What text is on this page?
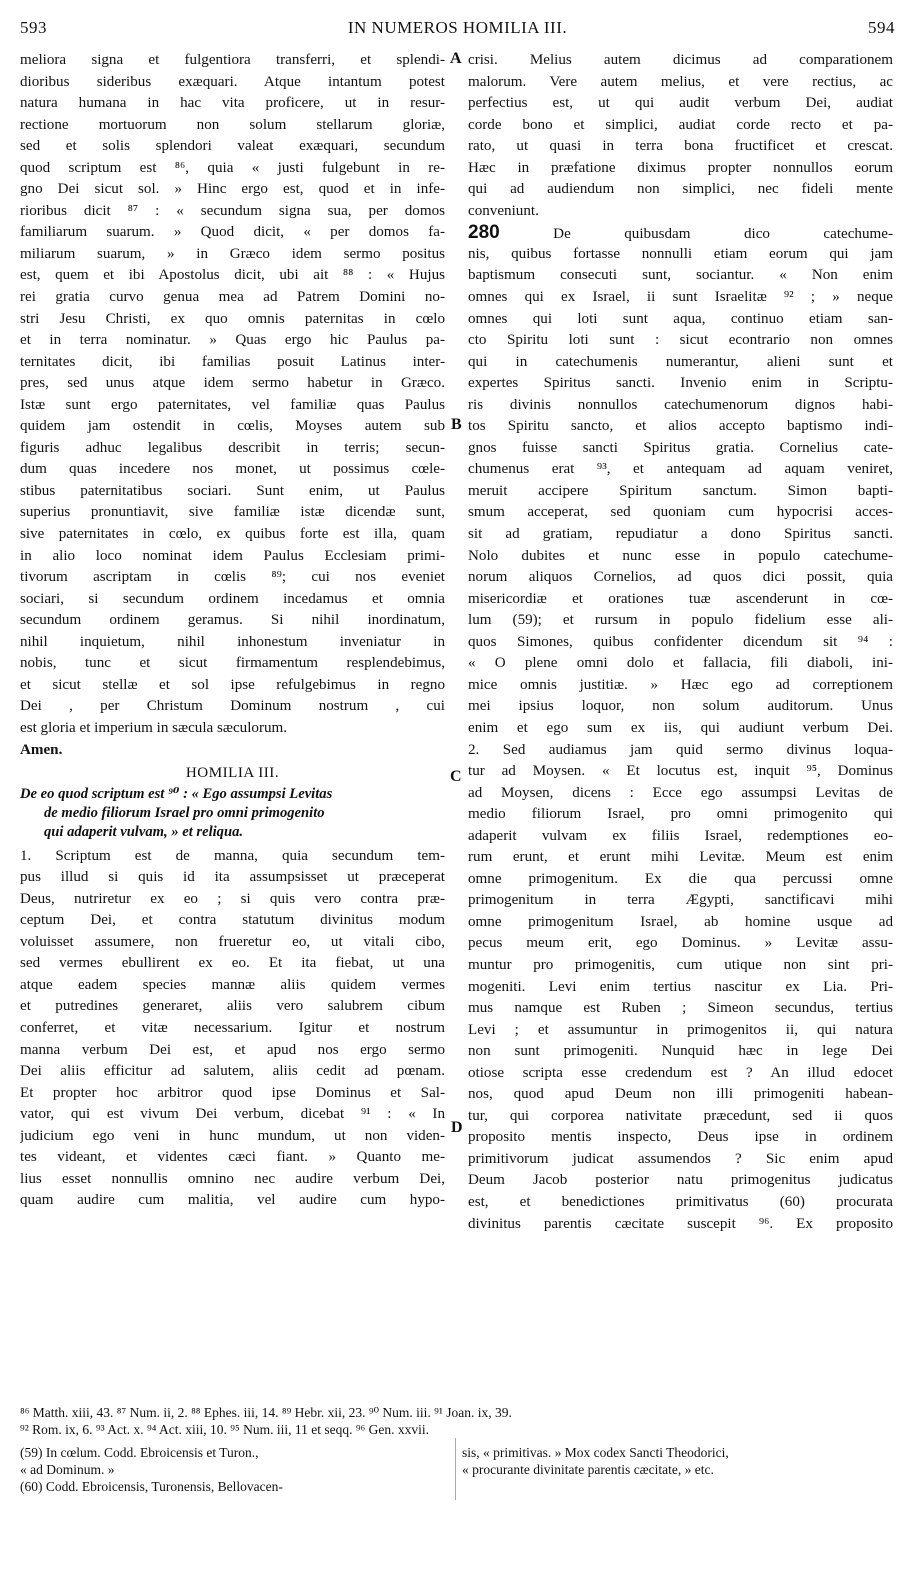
593	IN NUMEROS HOMILIA III.	594
meliora signa et fulgentiora transferri, et splendi-
dioribus sideribus exæquari. Atque intantum potest
natura humana in hac vita proficere, ut in resur-
rectione mortuorum non solum stellarum gloriæ,
sed et solis splendori valeat exæquari, secundum
quod scriptum est ⁸⁶, quia « justi fulgebunt in re-
gno Dei sicut sol. » Hinc ergo est, quod et in infe-
rioribus dicit ⁸⁷ : « secundum signa sua, per domos
familiarum suarum. » Quod dicit, « per domos fa-
miliarum suarum, » in Græco idem sermo positus
est, quem et ibi Apostolus dicit, ubi ait ⁸⁸ : « Hujus
rei gratia curvo genua mea ad Patrem Domini no-
stri Jesu Christi, ex quo omnis paternitas in cœlo
et in terra nominatur. » Quas ergo hic Paulus pa-
ternitates dicit, ibi familias posuit Latinus inter-
pres, sed unus atque idem sermo habetur in Græco.
Istæ sunt ergo paternitates, vel familiæ quas Paulus
quidem jam ostendit in cœlis, Moyses autem sub
figuris adhuc legalibus describit in terris; secun-
dum quas incedere nos monet, ut possimus cœle-
stibus paternitatibus sociari. Sunt enim, ut Paulus
superius pronuntiavit, sive familiæ istæ dicendæ sunt,
sive paternitates in cœlo, ex quibus forte est illa, quam
in alio loco nominat idem Paulus Ecclesiam primi-
tivorum ascriptam in cœlis ⁸⁹; cui nos eveniet
sociari, si secundum ordinem incedamus et omnia
secundum ordinem geramus. Si nihil inordinatum,
nihil inquietum, nihil inhonestum inveniatur in
nobis, tunc et sicut firmamentum resplendebimus,
et sicut stellæ et sol ipse refulgebimus in regno
Dei , per Christum Dominum nostrum , cui
est gloria et imperium in sæcula sæculorum.
Amen.
HOMILIA III.
De eo quod scriptum est ⁹⁰ : « Ego assumpsi Levitas
de medio filiorum Israel pro omni primogenito
qui adaperit vulvam, » et reliqua.
1. Scriptum est de manna, quia secundum tem-
pus illud si quis id ita assumpsisset ut præceperat
Deus, nutriretur ex eo ; si quis vero contra præ-
ceptum Dei, et contra statutum divinitus modum
voluisset assumere, non frueretur eo, ut vitali cibo,
sed vermes ebullirent ex eo. Et ita fiebat, ut una
atque eadem species mannæ aliis quidem vermes
et putredines generaret, aliis vero salubrem cibum
conferret, et vitæ necessarium. Igitur et nostrum
manna verbum Dei est, et apud nos ergo sermo
Dei aliis efficitur ad salutem, aliis cedit ad pœnam.
Et propter hoc arbitror quod ipse Dominus et Sal-
vator, qui est vivum Dei verbum, dicebat ⁹¹ : « In
judicium ego veni in hunc mundum, ut non viden-
tes videant, et videntes cæci fiant. » Quanto me-
lius esset nonnullis omnino nec audire verbum Dei,
quam audire cum malitia, vel audire cum hypo-
crisi. Melius autem dicimus ad comparationem
malorum. Vere autem melius, et vere rectius, ac
perfectius est, ut qui audit verbum Dei, audiat
corde bono et simplici, audiat corde recto et pa-
rato, ut quasi in terra bona fructificet et crescat.
Hæc in præfatione diximus propter nonnullos eorum
qui ad audiendum non simplici, nec fideli mente
conveniunt.
280 De quibusdam dico catechume-
nis, quibus fortasse nonnulli etiam eorum qui jam
baptismum consecuti sunt, sociantur. « Non enim
omnes qui ex Israel, ii sunt Israelitæ ⁹² ; » neque
omnes qui loti sunt aqua, continuo etiam san-
cto Spiritu loti sunt : sicut econtrario non omnes
qui in catechumenis numerantur, alieni sunt et
expertes Spiritus sancti. Invenio enim in Scriptu-
ris divinis nonnullos catechumenorum dignos habi-
tos Spiritu sancto, et alios accepto baptismo indi-
gnos fuisse sancti Spiritus gratia. Cornelius cate-
chumenus erat ⁹³, et antequam ad aquam veniret,
meruit accipere Spiritum sanctum. Simon bapti-
smum acceperat, sed quoniam cum hypocrisi acces-
sit ad gratiam, repudiatur a dono Spiritus sancti.
Nolo dubites et nunc esse in populo catechume-
norum aliquos Cornelios, ad quos dici possit, quia
misericordiæ et orationes tuæ ascenderunt in cœ-
lum (59); et rursum in populo fidelium esse ali-
quos Simones, quibus confidenter dicendum sit ⁹⁴ :
« O plene omni dolo et fallacia, fili diaboli, ini-
mice omnis justitiæ. » Hæc ego ad correptionem
mei ipsius loquor, non solum auditorum. Unus
enim et ego sum ex iis, qui audiunt verbum Dei.
2. Sed audiamus jam quid sermo divinus loqua-
tur ad Moysen. « Et locutus est, inquit ⁹⁵, Dominus
ad Moysen, dicens : Ecce ego assumpsi Levitas de
medio filiorum Israel, pro omni primogenito qui
adaperit vulvam ex filiis Israel, redemptiones eo-
rum erunt, et erunt mihi Levitæ. Meum est enim
omne primogenitum. Ex die qua percussi omne
primogenitum in terra Ægypti, sanctificavi mihi
omne primogenitum Israel, ab homine usque ad
pecus meum erit, ego Dominus. » Levitæ assu-
muntur pro primogenitis, cum utique non sint pri-
mogeniti. Levi enim tertius nascitur ex Lia. Pri-
mus namque est Ruben ; Simeon secundus, tertius
Levi ; et assumuntur in primogenitos ii, qui natura
non sunt primogeniti. Nunquid hæc in lege Dei
otiose scripta esse credendum est ? An illud edocet
nos, quod apud Deum non illi primogeniti habean-
tur, qui corporea nativitate præcedunt, sed ii quos
proposito mentis inspecto, Deus ipse in ordinem
primitivorum judicat assumendos ? Sic enim apud
Deum Jacob posterior natu primogenitus judicatus
est, et benedictiones primitivatus (60) procurata
divinitus parentis cæcitate suscepit ⁹⁶. Ex proposito
A
B
C
D
⁸⁶ Matth. xiii, 43. ⁸⁷ Num. ii, 2. ⁸⁸ Ephes. iii, 14. ⁸⁹ Hebr. xii, 23. ⁹⁰ Num. iii. ⁹¹ Joan. ix, 39.
⁹² Rom. ix, 6. ⁹³ Act. x. ⁹⁴ Act. xiii, 10. ⁹⁵ Num. iii, 11 et seqq. ⁹⁶ Gen. xxvii.
(59) In cœlum. Codd. Ebroicensis et Turon.,
« ad Dominum. »
(60) Codd. Ebroicensis, Turonensis, Bellovacen-
sis, « primitivas. » Mox codex Sancti Theodorici,
« procurante divinitate parentis cæcitate, » etc.
